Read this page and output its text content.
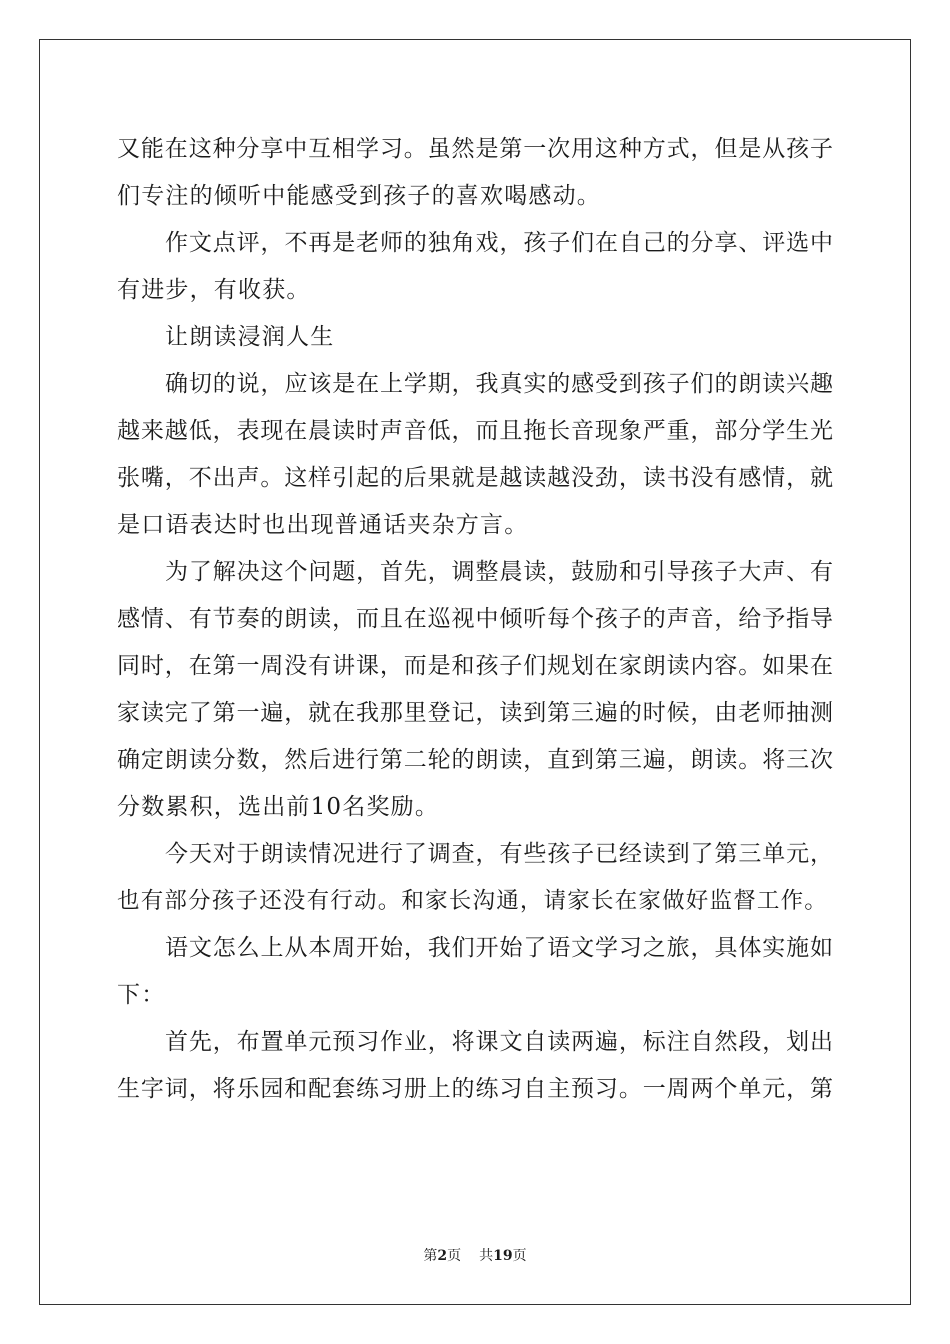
又能在这种分享中互相学习。虽然是第一次用这种方式，但是从孩子
们专注的倾听中能感受到孩子的喜欢喝感动。
作文点评，不再是老师的独角戏，孩子们在自己的分享、评选中
有进步，有收获。
让朗读浸润人生
确切的说，应该是在上学期，我真实的感受到孩子们的朗读兴趣
越来越低，表现在晨读时声音低，而且拖长音现象严重，部分学生光
张嘴，不出声。这样引起的后果就是越读越没劲，读书没有感情，就
是口语表达时也出现普通话夹杂方言。
为了解决这个问题，首先，调整晨读，鼓励和引导孩子大声、有
感情、有节奏的朗读，而且在巡视中倾听每个孩子的声音，给予指导
同时，在第一周没有讲课，而是和孩子们规划在家朗读内容。如果在
家读完了第一遍，就在我那里登记，读到第三遍的时候，由老师抽测
确定朗读分数，然后进行第二轮的朗读，直到第三遍，朗读。将三次
分数累积，选出前10名奖励。
今天对于朗读情况进行了调查，有些孩子已经读到了第三单元，
也有部分孩子还没有行动。和家长沟通，请家长在家做好监督工作。
语文怎么上从本周开始，我们开始了语文学习之旅，具体实施如
下：
首先，布置单元预习作业，将课文自读两遍，标注自然段，划出
生字词，将乐园和配套练习册上的练习自主预习。一周两个单元，第
第2页 共19页
